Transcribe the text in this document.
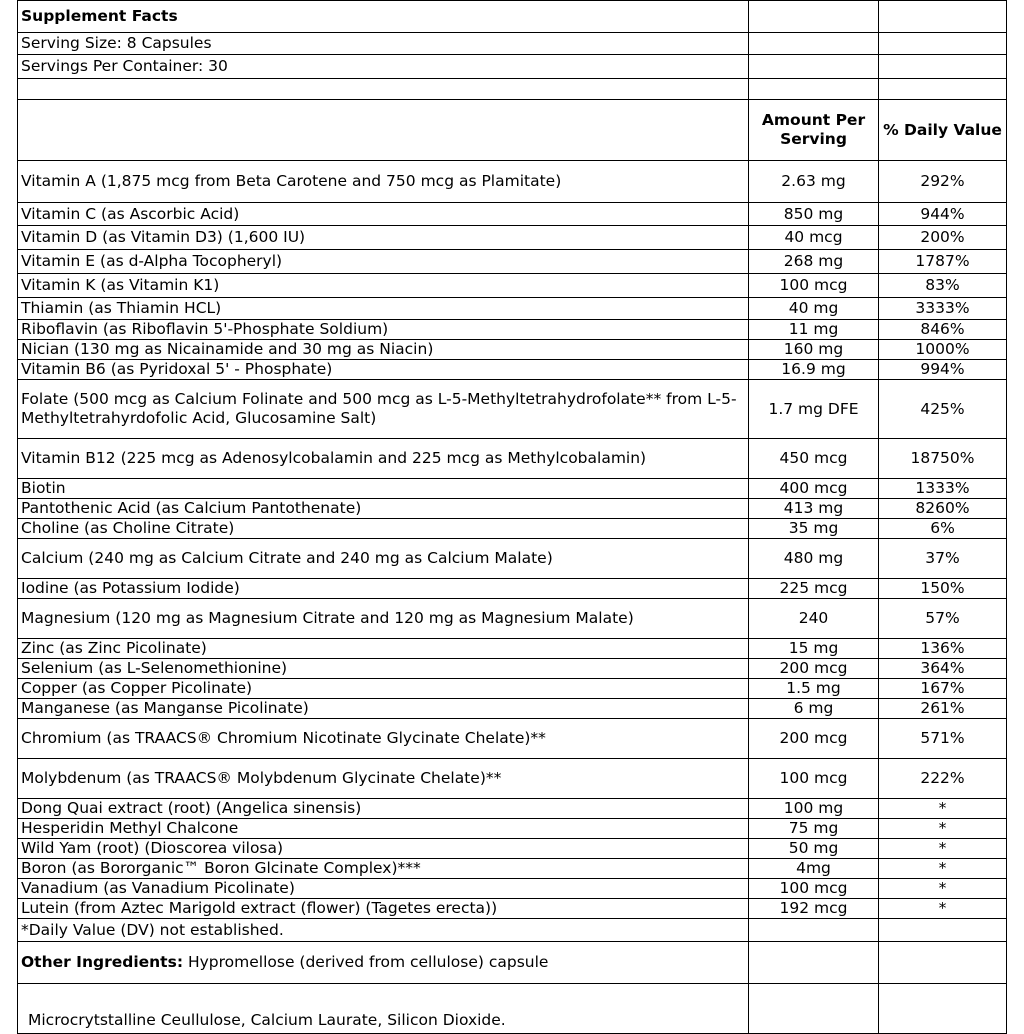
Supplement Facts		
Serving Size: 8 Capsules		
Servings Per Container: 30		

	Amount Per Serving	% Daily Value
Vitamin A (1,875 mcg from Beta Carotene and 750 mcg as Plamitate)	2.63 mg	292%
Vitamin C (as Ascorbic Acid)	850 mg	944%
Vitamin D (as Vitamin D3) (1,600 IU)	40 mcg	200%
Vitamin E (as d-Alpha Tocopheryl)	268 mg	1787%
Vitamin K (as Vitamin K1)	100 mcg	83%
Thiamin (as Thiamin HCL)	40 mg	3333%
Riboflavin (as Riboflavin 5'-Phosphate Soldium)	11 mg	846%
Nician (130 mg as Nicainamide and 30 mg as Niacin)	160 mg	1000%
Vitamin B6 (as Pyridoxal 5' - Phosphate)	16.9 mg	994%
Folate (500 mcg as Calcium Folinate and 500 mcg as L-5-Methyltetrahydrofolate** from L-5-Methyltetrahyrdofolic Acid, Glucosamine Salt)	1.7 mg DFE	425%
Vitamin B12 (225 mcg as Adenosylcobalamin and 225 mcg as Methylcobalamin)	450 mcg	18750%
Biotin	400 mcg	1333%
Pantothenic Acid (as Calcium Pantothenate)	413 mg	8260%
Choline (as Choline Citrate)	35 mg	6%
Calcium (240 mg as Calcium Citrate and 240 mg as Calcium Malate)	480 mg	37%
Iodine (as Potassium Iodide)	225 mcg	150%
Magnesium (120 mg as Magnesium Citrate and 120 mg as Magnesium Malate)	240	57%
Zinc (as Zinc Picolinate)	15 mg	136%
Selenium (as L-Selenomethionine)	200 mcg	364%
Copper (as Copper Picolinate)	1.5 mg	167%
Manganese (as Manganse Picolinate)	6 mg	261%
Chromium (as TRAACS® Chromium Nicotinate Glycinate Chelate)**	200 mcg	571%
Molybdenum (as TRAACS® Molybdenum Glycinate Chelate)**	100 mcg	222%
Dong Quai extract (root) (Angelica sinensis)	100 mg	*
Hesperidin Methyl Chalcone	75 mg	*
Wild Yam (root) (Dioscorea vilosa)	50 mg	*
Boron (as Bororganic™ Boron Glcinate Complex)***	4mg	*
Vanadium (as Vanadium Picolinate)	100 mcg	*
Lutein (from Aztec Marigold extract (flower) (Tagetes erecta))	192 mcg	*
*Daily Value (DV) not established.		
Other Ingredients: Hypromellose (derived from cellulose) capsule		
Microcrytstalline Ceullulose, Calcium Laurate, Silicon Dioxide.		
